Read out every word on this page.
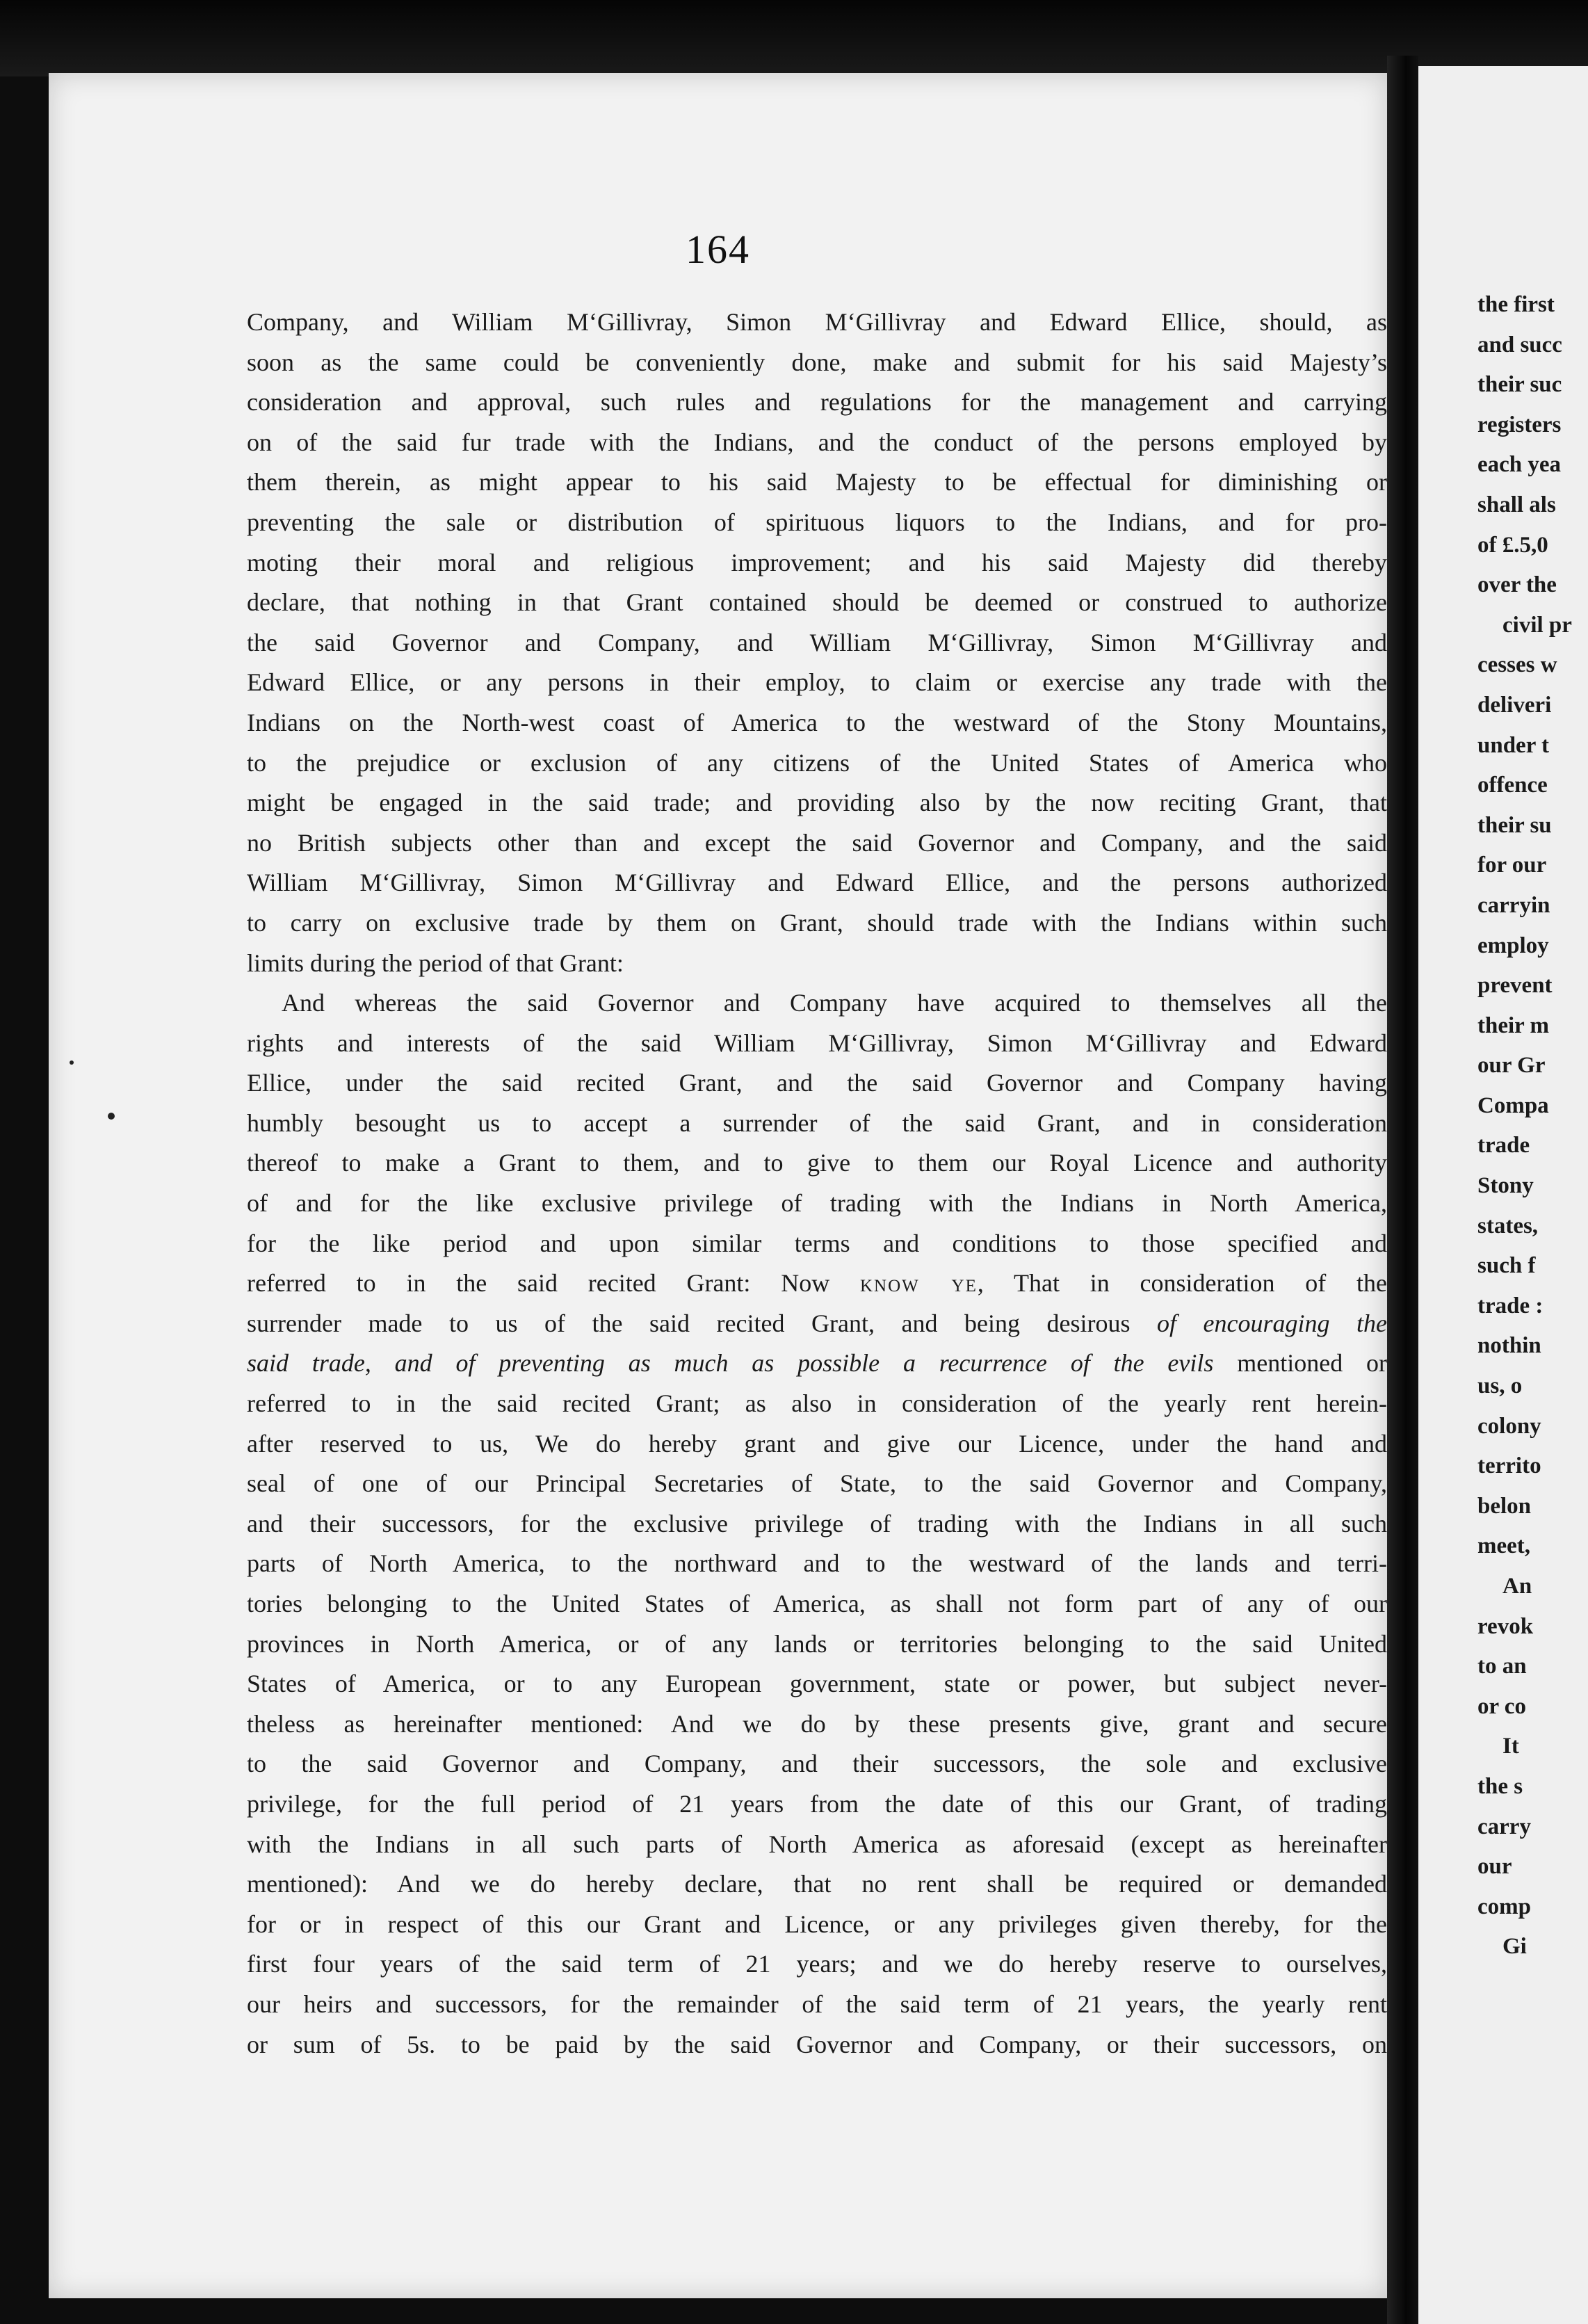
164
Company, and William M‘Gillivray, Simon M‘Gillivray and Edward Ellice, should, as
soon as the same could be conveniently done, make and submit for his said Majesty’s
consideration and approval, such rules and regulations for the management and carrying
on of the said fur trade with the Indians, and the conduct of the persons employed by
them therein, as might appear to his said Majesty to be effectual for diminishing or
preventing the sale or distribution of spirituous liquors to the Indians, and for pro-
moting their moral and religious improvement; and his said Majesty did thereby
declare, that nothing in that Grant contained should be deemed or construed to authorize
the said Governor and Company, and William M‘Gillivray, Simon M‘Gillivray and
Edward Ellice, or any persons in their employ, to claim or exercise any trade with the
Indians on the North-west coast of America to the westward of the Stony Mountains,
to the prejudice or exclusion of any citizens of the United States of America who
might be engaged in the said trade; and providing also by the now reciting Grant, that
no British subjects other than and except the said Governor and Company, and the said
William M‘Gillivray, Simon M‘Gillivray and Edward Ellice, and the persons authorized
to carry on exclusive trade by them on Grant, should trade with the Indians within such
limits during the period of that Grant:
And whereas the said Governor and Company have acquired to themselves all the
rights and interests of the said William M‘Gillivray, Simon M‘Gillivray and Edward
Ellice, under the said recited Grant, and the said Governor and Company having
humbly besought us to accept a surrender of the said Grant, and in consideration
thereof to make a Grant to them, and to give to them our Royal Licence and authority
of and for the like exclusive privilege of trading with the Indians in North America,
for the like period and upon similar terms and conditions to those specified and
referred to in the said recited Grant: Now know ye, That in consideration of the
surrender made to us of the said recited Grant, and being desirous of encouraging the
said trade, and of preventing as much as possible a recurrence of the evils mentioned or
referred to in the said recited Grant; as also in consideration of the yearly rent herein-
after reserved to us, We do hereby grant and give our Licence, under the hand and
seal of one of our Principal Secretaries of State, to the said Governor and Company,
and their successors, for the exclusive privilege of trading with the Indians in all such
parts of North America, to the northward and to the westward of the lands and terri-
tories belonging to the United States of America, as shall not form part of any of our
provinces in North America, or of any lands or territories belonging to the said United
States of America, or to any European government, state or power, but subject never-
theless as hereinafter mentioned: And we do by these presents give, grant and secure
to the said Governor and Company, and their successors, the sole and exclusive
privilege, for the full period of 21 years from the date of this our Grant, of trading
with the Indians in all such parts of North America as aforesaid (except as hereinafter
mentioned): And we do hereby declare, that no rent shall be required or demanded
for or in respect of this our Grant and Licence, or any privileges given thereby, for the
first four years of the said term of 21 years; and we do hereby reserve to ourselves,
our heirs and successors, for the remainder of the said term of 21 years, the yearly rent
or sum of 5s. to be paid by the said Governor and Company, or their successors, on
the first
and succ
their suc
registers
each yea
shall als
of £.5,0
over the
civil pr
cesses w
deliveri
under t
offence
their su
for our
carryin
employ
prevent
their m
our Gr
Compa
trade
Stony
states,
such f
trade :
nothin
us, o
colony
territo
belon
meet,
An
revok
to an
or co
It
the s
carry
our
comp
Gi
